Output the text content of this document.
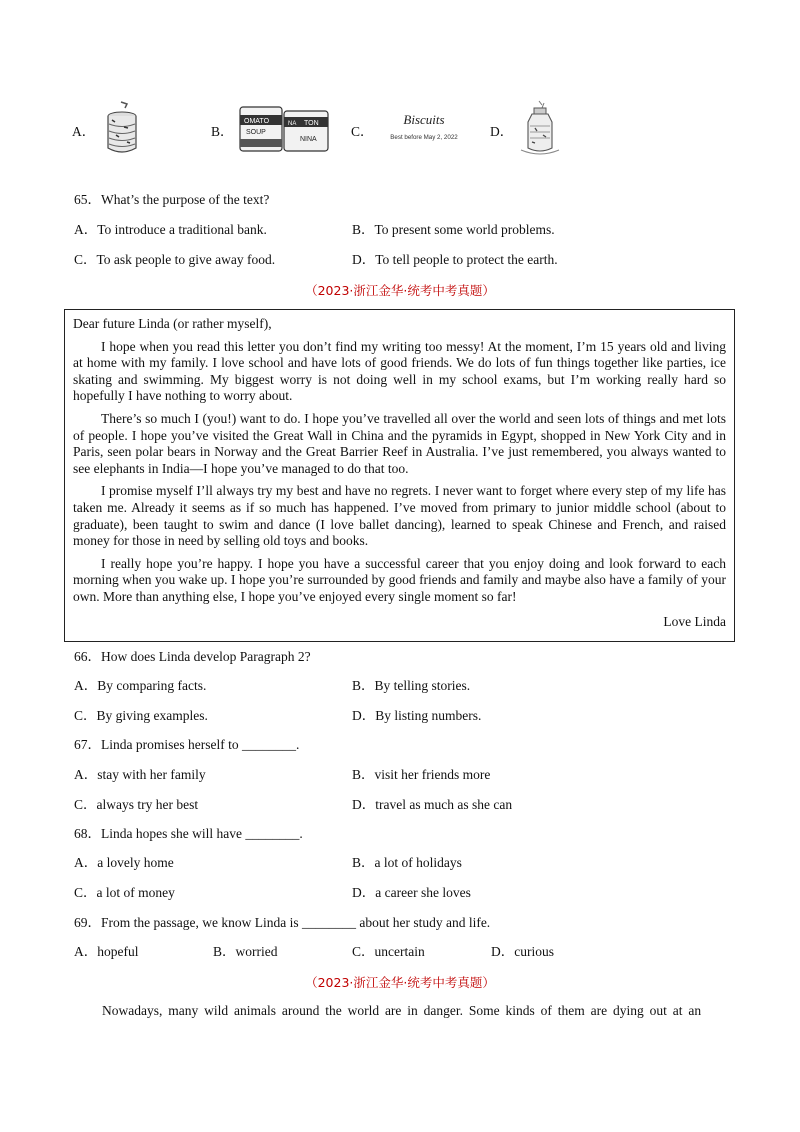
A．	B．
OMATO
SOUP
NA TON
NINA
C．
Biscuits
Best before May 2, 2022 D．
65．What’s the purpose of the text?
A．To introduce a traditional bank.	B．To present some world problems.
C．To ask people to give away food.	D．To tell people to protect the earth.
（2023·浙江金华·统考中考真题）

Dear future Linda (or rather myself),

I hope when you read this letter you don’t find my writing too messy! At the moment, I’m 15 years old and living at home with my family. I love school and have lots of good friends. We do lots of fun things together like parties, ice skating and swimming. My biggest worry is not doing well in my school exams, but I’m working really hard so hopefully I have nothing to worry about.

There’s so much I (you!) want to do. I hope you’ve travelled all over the world and seen lots of things and met lots of people. I hope you’ve visited the Great Wall in China and the pyramids in Egypt, shopped in New York City and in Paris, seen polar bears in Norway and the Great Barrier Reef in Australia. I’ve just remembered, you always wanted to see elephants in India—I hope you’ve managed to do that too.

I promise myself I’ll always try my best and have no regrets. I never want to forget where every step of my life has taken me. Already it seems as if so much has happened. I’ve moved from primary to junior middle school (about to graduate), been taught to swim and dance (I love ballet dancing), learned to speak Chinese and French, and raised money for those in need by selling old toys and books.

I really hope you’re happy. I hope you have a successful career that you enjoy doing and look forward to each morning when you wake up. I hope you’re surrounded by good friends and family and maybe also have a family of your own. More than anything else, I hope you’ve enjoyed every single moment so far!

Love Linda

66．How does Linda develop Paragraph 2?
A．By comparing facts.	B．By telling stories.
C．By giving examples.	D．By listing numbers.
67．Linda promises herself to ________.
A．stay with her family	B．visit her friends more
C．always try her best	D．travel as much as she can
68．Linda hopes she will have ________.
A．a lovely home	B．a lot of holidays
C．a lot of money	D．a career she loves
69．From the passage, we know Linda is ________ about her study and life.
A．hopeful	B．worried	C．uncertain	D．curious
（2023·浙江金华·统考中考真题）
Nowadays, many wild animals around the world are in danger. Some kinds of them are dying out at an
